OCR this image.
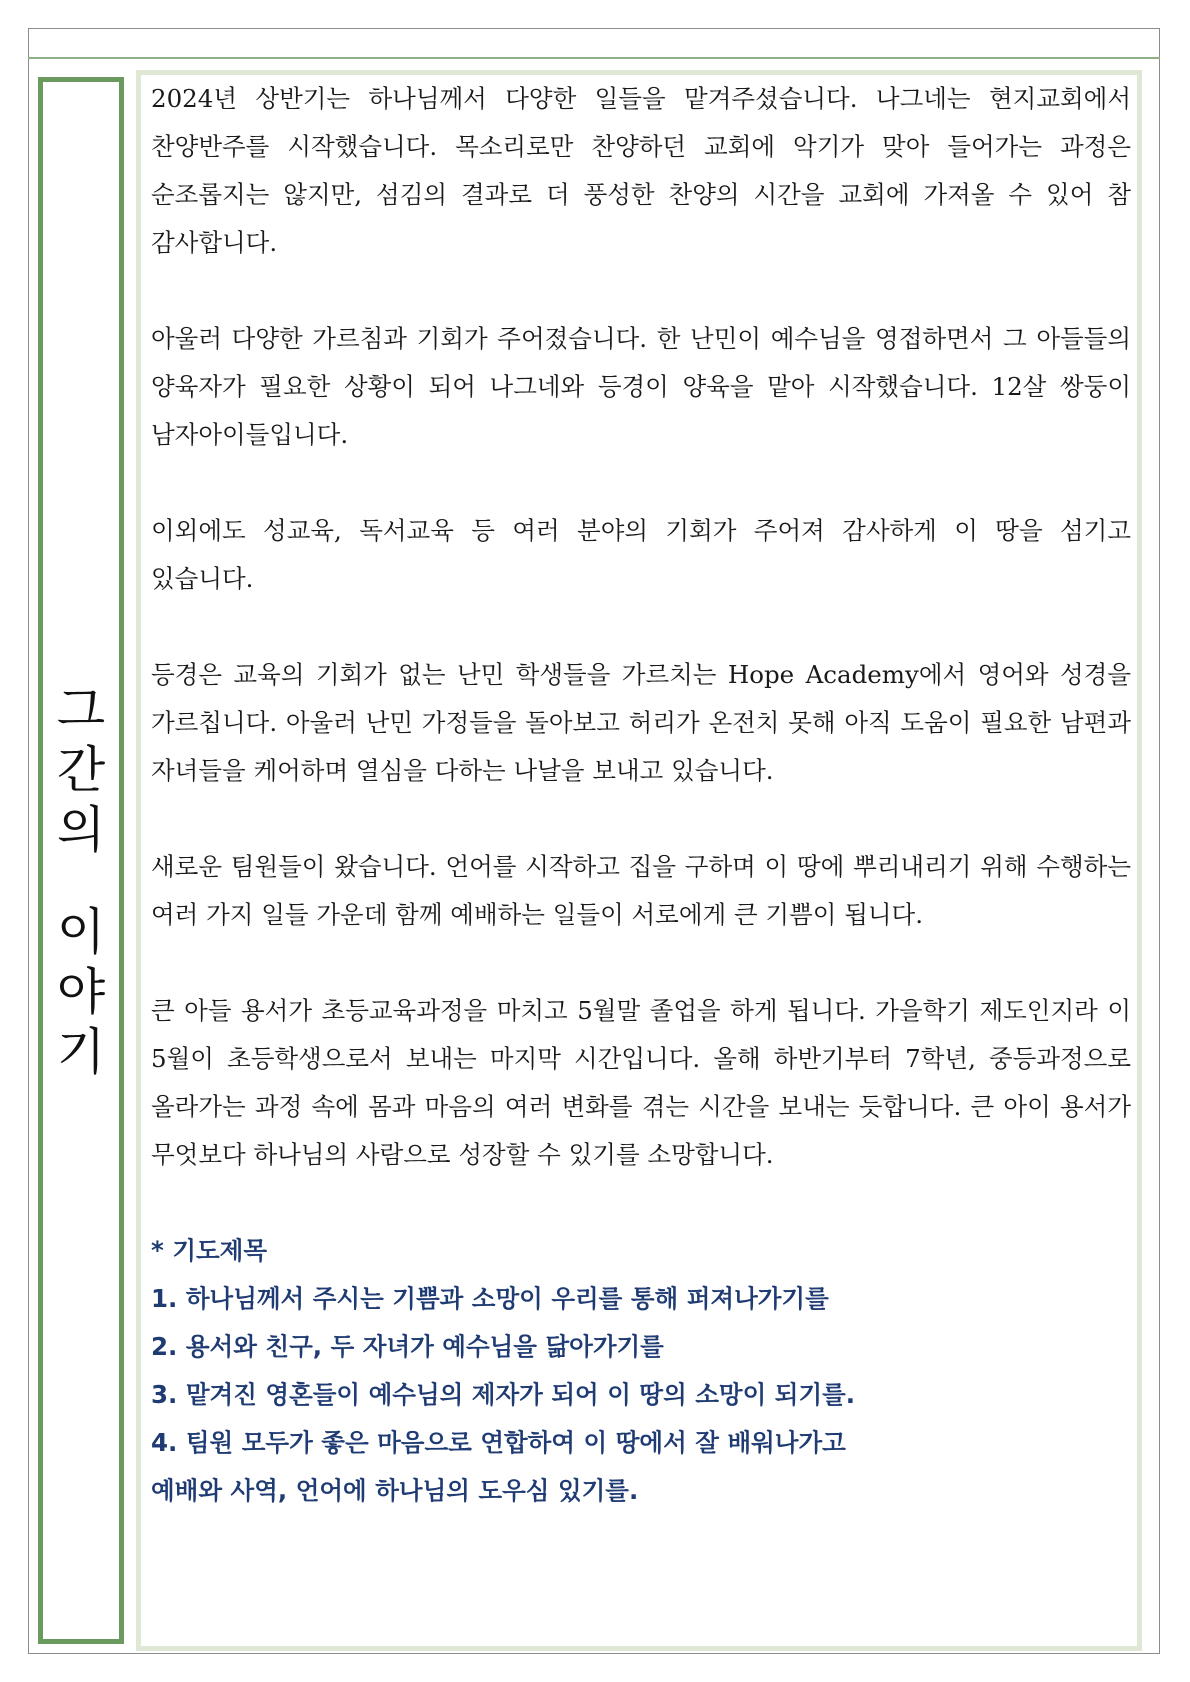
그
간
의
이
야
기

2024년 상반기는 하나님께서 다양한 일들을 맡겨주셨습니다. 나그네는 현지교회에서 찬양반주를 시작했습니다. 목소리로만 찬양하던 교회에 악기가 맞아 들어가는 과정은 순조롭지는 않지만, 섬김의 결과로 더 풍성한 찬양의 시간을 교회에 가져올 수 있어 참 감사합니다.

아울러 다양한 가르침과 기회가 주어졌습니다. 한 난민이 예수님을 영접하면서 그 아들들의 양육자가 필요한 상황이 되어 나그네와 등경이 양육을 맡아 시작했습니다. 12살 쌍둥이 남자아이들입니다.

이외에도 성교육, 독서교육 등 여러 분야의 기회가 주어져 감사하게 이 땅을 섬기고 있습니다.

등경은 교육의 기회가 없는 난민 학생들을 가르치는 Hope Academy에서 영어와 성경을 가르칩니다. 아울러 난민 가정들을 돌아보고 허리가 온전치 못해 아직 도움이 필요한 남편과 자녀들을 케어하며 열심을 다하는 나날을 보내고 있습니다.

새로운 팀원들이 왔습니다. 언어를 시작하고 집을 구하며 이 땅에 뿌리내리기 위해 수행하는 여러 가지 일들 가운데 함께 예배하는 일들이 서로에게 큰 기쁨이 됩니다.

큰 아들 용서가 초등교육과정을 마치고 5월말 졸업을 하게 됩니다. 가을학기 제도인지라 이 5월이 초등학생으로서 보내는 마지막 시간입니다. 올해 하반기부터 7학년, 중등과정으로 올라가는 과정 속에 몸과 마음의 여러 변화를 겪는 시간을 보내는 듯합니다. 큰 아이 용서가 무엇보다 하나님의 사람으로 성장할 수 있기를 소망합니다.

* 기도제목

1. 하나님께서 주시는 기쁨과 소망이 우리를 통해 퍼져나가기를

2. 용서와 친구, 두 자녀가 예수님을 닮아가기를

3. 맡겨진 영혼들이 예수님의 제자가 되어 이 땅의 소망이 되기를.

4. 팀원 모두가 좋은 마음으로 연합하여 이 땅에서 잘 배워나가고

예배와 사역, 언어에 하나님의 도우심 있기를.
